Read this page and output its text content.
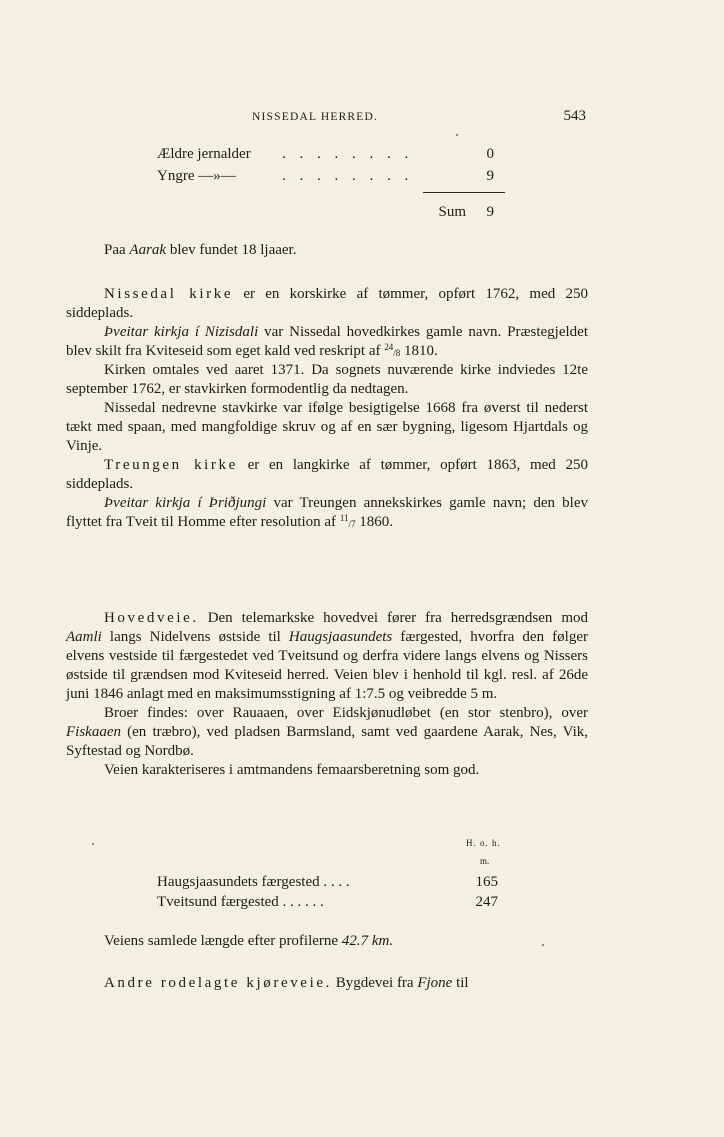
NISSEDAL HERRED.	543
Ældre jernalder . . . . . . . .	0
Yngre —»—	. . . . . . . .	9
Sum 9

Paa Aarak blev fundet 18 ljaaer.

Nissedal kirke er en korskirke af tømmer, opført 1762, med 250 siddeplads.

Þveitar kirkja í Nizisdali var Nissedal hovedkirkes gamle navn. Præstegjeldet blev skilt fra Kviteseid som eget kald ved reskript af $^{24}_{/8}$ 1810.

Kirken omtales ved aaret 1371. Da sognets nuværende kirke indviedes 12te september 1762, er stavkirken formodentlig da nedtagen.

Nissedal nedrevne stavkirke var ifølge besigtigelse 1668 fra øverst til nederst tækt med spaan, med mangfoldige skruv og af en sær bygning, ligesom Hjartdals og Vinje.

Treungen kirke er en langkirke af tømmer, opført 1863, med 250 siddeplads.

Þveitar kirkja í Þriðjungi var Treungen annekskirkes gamle navn; den blev flyttet fra Tveit til Homme efter resolution af $^{11}_{/7}$ 1860.

Hovedveie. Den telemarkske hovedvei fører fra herredsgrændsen mod Aamli langs Nidelvens østside til Haugsjaasundets færgested, hvorfra den følger elvens vestside til færgestedet ved Tveitsund og derfra videre langs elvens og Nissers østside til grændsen mod Kviteseid herred. Veien blev i henhold til kgl. resl. af 26de juni 1846 anlagt med en maksimumsstigning af 1:7.5 og veibredde 5 m.

Broer findes: over Rauaaen, over Eidskjønudløbet (en stor stenbro), over Fiskaaen (en træbro), ved pladsen Barmsland, samt ved gaardene Aarak, Nes, Vik, Syftestad og Nordbø.

Veien karakteriseres i amtmandens femaarsberetning som god.

H. o. h.
m.
Haugsjaasundets færgested . . . .	165
Tveitsund færgested . . . . . .	247

Veiens samlede længde efter profilerne 42.7 km.

Andre rodelagte kjøreveie. Bygdevei fra Fjone til
